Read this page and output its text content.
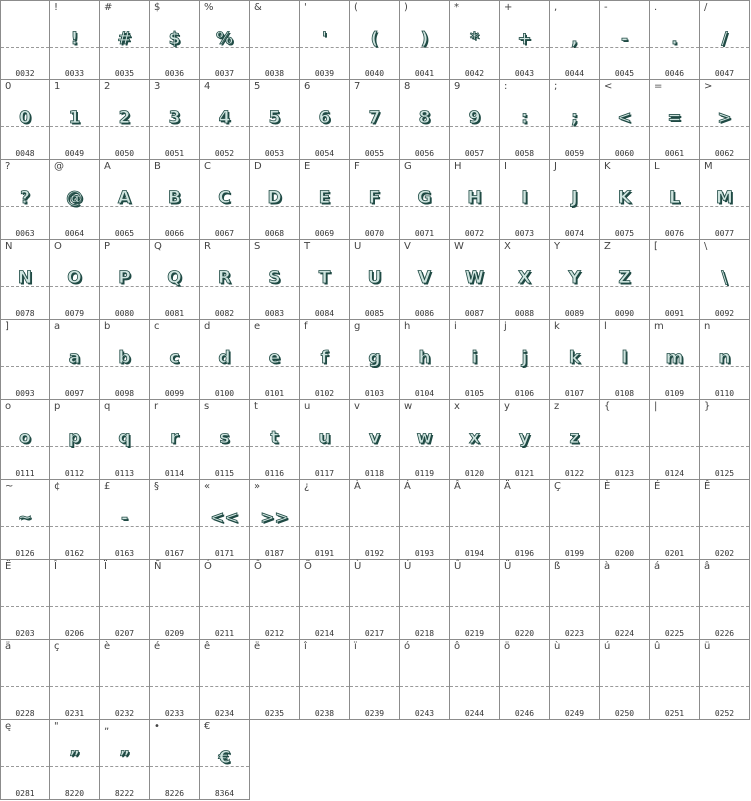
0032
!
!
0033
#
#
0035
$
$
0036
%
%
0037
&
0038
'
'
0039
(
(
0040
)
)
0041
*
*
0042
+
+
0043
,
,
0044
-
-
0045
.
.
0046
/
/
0047
0
0
0048
1
1
0049
2
2
0050
3
3
0051
4
4
0052
5
5
0053
6
6
0054
7
7
0055
8
8
0056
9
9
0057
:
:
0058
;
;
0059
<
<
0060
=
=
0061
>
>
0062
?
?
0063
@
@
0064
A
A
0065
B
B
0066
C
C
0067
D
D
0068
E
E
0069
F
F
0070
G
G
0071
H
H
0072
I
I
0073
J
J
0074
K
K
0075
L
L
0076
M
M
0077
N
N
0078
O
O
0079
P
P
0080
Q
Q
0081
R
R
0082
S
S
0083
T
T
0084
U
U
0085
V
V
0086
W
W
0087
X
X
0088
Y
Y
0089
Z
Z
0090
[
0091
\
\
0092
]
0093
a
a
0097
b
b
0098
c
c
0099
d
d
0100
e
e
0101
f
f
0102
g
g
0103
h
h
0104
i
i
0105
j
j
0106
k
k
0107
l
l
0108
m
m
0109
n
n
0110
o
o
0111
p
p
0112
q
q
0113
r
r
0114
s
s
0115
t
t
0116
u
u
0117
v
v
0118
w
w
0119
x
x
0120
y
y
0121
z
z
0122
{
0123
|
0124
}
0125
~
~
0126
¢
0162
£
-
0163
§
0167
«
<<
0171
»
>>
0187
¿
0191
À
0192
Á
0193
Â
0194
Ä
0196
Ç
0199
È
0200
É
0201
Ê
0202
Ë
0203
Î
0206
Ï
0207
Ñ
0209
Ó
0211
Ô
0212
Ö
0214
Ù
0217
Ú
0218
Û
0219
Ü
0220
ß
0223
à
0224
á
0225
â
0226
ä
0228
ç
0231
è
0232
é
0233
ê
0234
ë
0235
î
0238
ï
0239
ó
0243
ô
0244
ö
0246
ù
0249
ú
0250
û
0251
ü
0252
ę
0281
"
”
8220
„
”
8222
•
8226
€
€
8364
